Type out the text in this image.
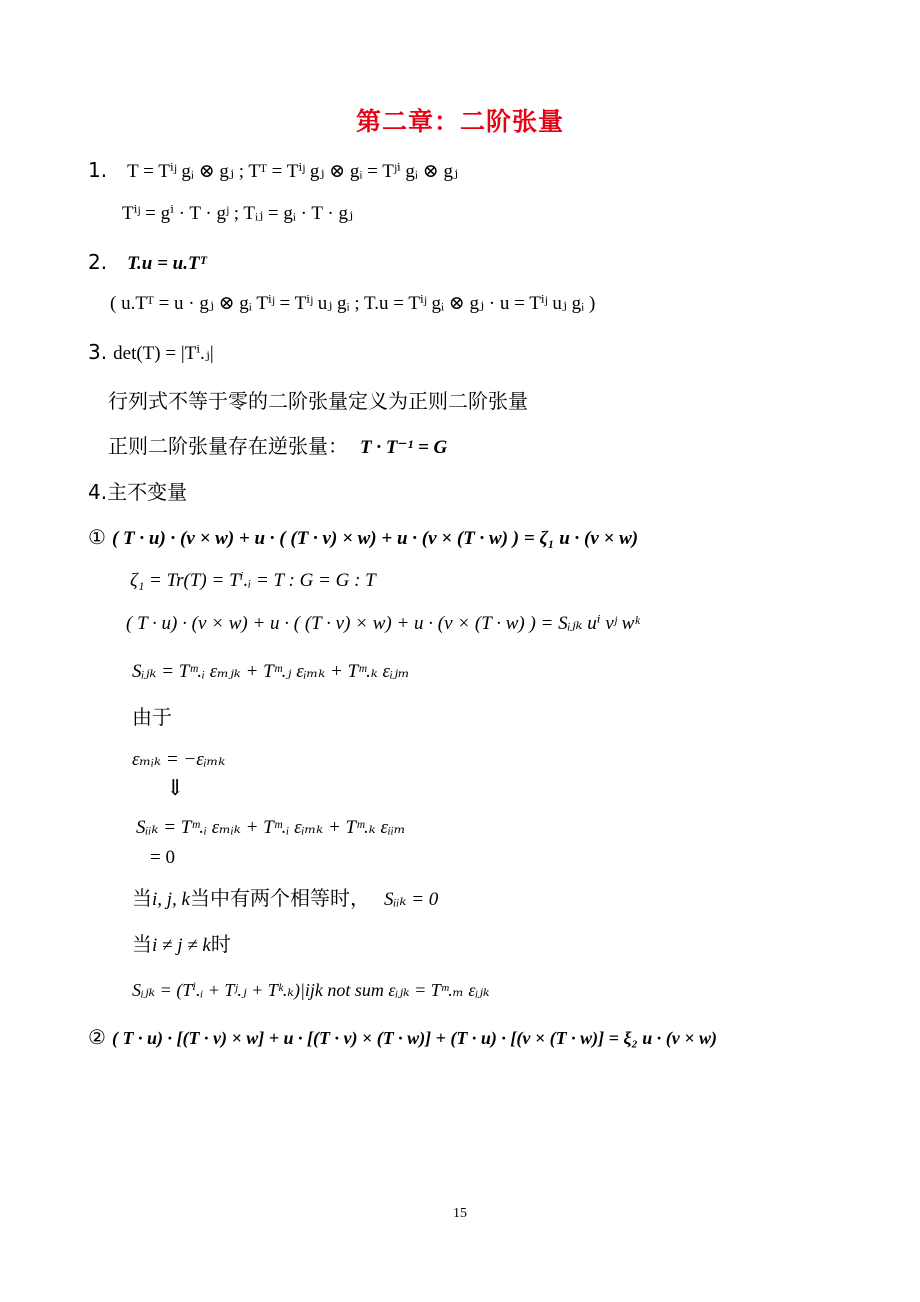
第二章：二阶张量
1. T = Tⁱʲ gᵢ ⊗ gⱼ ; Tᵀ = Tⁱʲ gⱼ ⊗ gᵢ = Tʲⁱ gᵢ ⊗ gⱼ
Tⁱʲ = gⁱ · T · gʲ ; Tᵢⱼ = gᵢ · T · gⱼ
2. T.u = u.Tᵀ
( u.Tᵀ = u · gⱼ ⊗ gᵢ Tⁱʲ = Tⁱʲ uⱼ gᵢ ; T.u = Tⁱʲ gᵢ ⊗ gⱼ · u = Tⁱʲ uⱼ gᵢ )
3. det(T) = |Tⁱ.ⱼ|
行列式不等于零的二阶张量定义为正则二阶张量
正则二阶张量存在逆张量： T · T⁻¹ = G
4.主不变量
① ( T · u) · (v × w) + u · ( (T · v) × w) + u · (v × (T · w) ) = ζ₁ u · (v × w)
ζ₁ = Tr(T) = Tⁱ.ᵢ = T : G = G : T
( T · u) · (v × w) + u · ( (T · v) × w) + u · (v × (T · w) ) = Sᵢⱼₖ uⁱ vʲ wᵏ
Sᵢⱼₖ = Tᵐ.ᵢ εₘⱼₖ + Tᵐ.ⱼ εᵢₘₖ + Tᵐ.ₖ εᵢⱼₘ
由于
εₘᵢₖ = −εᵢₘₖ
⇓
Sᵢᵢₖ = Tᵐ.ᵢ εₘᵢₖ + Tᵐ.ᵢ εᵢₘₖ + Tᵐ.ₖ εᵢᵢₘ
= 0
当i, j, k当中有两个相等时， Sᵢᵢₖ = 0
当i ≠ j ≠ k时
Sᵢⱼₖ = (Tⁱ.ᵢ + Tʲ.ⱼ + Tᵏ.ₖ)|ijk not sum εᵢⱼₖ = Tᵐ.ₘ εᵢⱼₖ
② ( T · u) · [(T · v) × w] + u · [(T · v) × (T · w)] + (T · u) · [(v × (T · w)] = ξ₂ u · (v × w)
15
